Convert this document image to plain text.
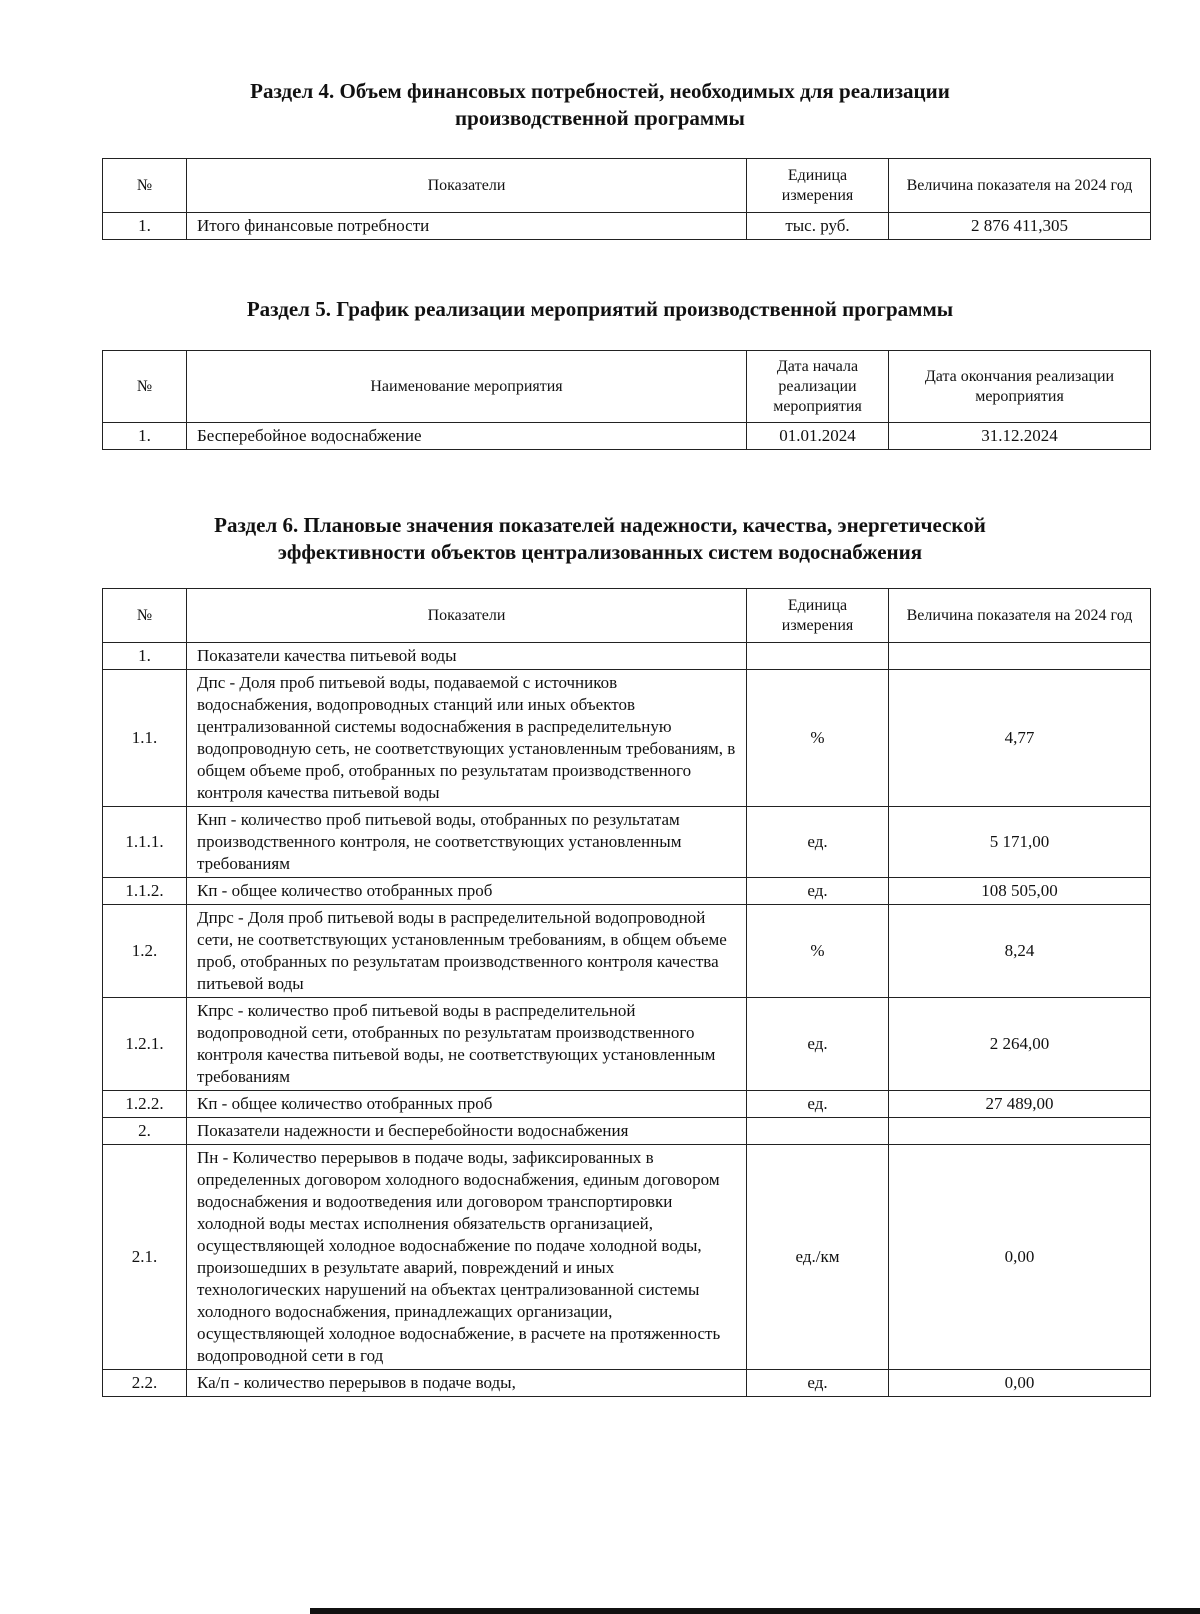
Раздел 4. Объем финансовых потребностей, необходимых для реализации
производственной программы
№	Показатели	Единица измерения	Величина показателя на 2024 год
1.	Итого финансовые потребности	тыс. руб.	2 876 411,305
Раздел 5. График реализации мероприятий производственной программы
№	Наименование мероприятия	Дата начала реализации мероприятия	Дата окончания реализации мероприятия
1.	Бесперебойное водоснабжение	01.01.2024	31.12.2024
Раздел 6. Плановые значения показателей надежности, качества, энергетической
эффективности объектов централизованных систем водоснабжения
№	Показатели	Единица измерения	Величина показателя на 2024 год
1.	Показатели качества питьевой воды		
1.1.	Дпс - Доля проб питьевой воды, подаваемой с источников водоснабжения, водопроводных станций или иных объектов централизованной системы водоснабжения в распределительную водопроводную сеть, не соответствующих установленным требованиям, в общем объеме проб, отобранных по результатам производственного контроля качества питьевой воды	%	4,77
1.1.1.	Кнп - количество проб питьевой воды, отобранных по результатам производственного контроля, не соответствующих установленным требованиям	ед.	5 171,00
1.1.2.	Кп - общее количество отобранных проб	ед.	108 505,00
1.2.	Дпрс - Доля проб питьевой воды в распределительной водопроводной сети, не соответствующих установленным требованиям, в общем объеме проб, отобранных по результатам производственного контроля качества питьевой воды	%	8,24
1.2.1.	Кпрс - количество проб питьевой воды в распределительной водопроводной сети, отобранных по результатам производственного контроля качества питьевой воды, не соответствующих установленным требованиям	ед.	2 264,00
1.2.2.	Кп - общее количество отобранных проб	ед.	27 489,00
2.	Показатели надежности и бесперебойности водоснабжения		
2.1.	Пн - Количество перерывов в подаче воды, зафиксированных в определенных договором холодного водоснабжения, единым договором водоснабжения и водоотведения или договором транспортировки холодной воды местах исполнения обязательств организацией, осуществляющей холодное водоснабжение по подаче холодной воды, произошедших в результате аварий, повреждений и иных технологических нарушений на объектах централизованной системы холодного водоснабжения, принадлежащих организации, осуществляющей холодное водоснабжение, в расчете на протяженность водопроводной сети в год	ед./км	0,00
2.2.	Ка/п - количество перерывов в подаче воды,	ед.	0,00
